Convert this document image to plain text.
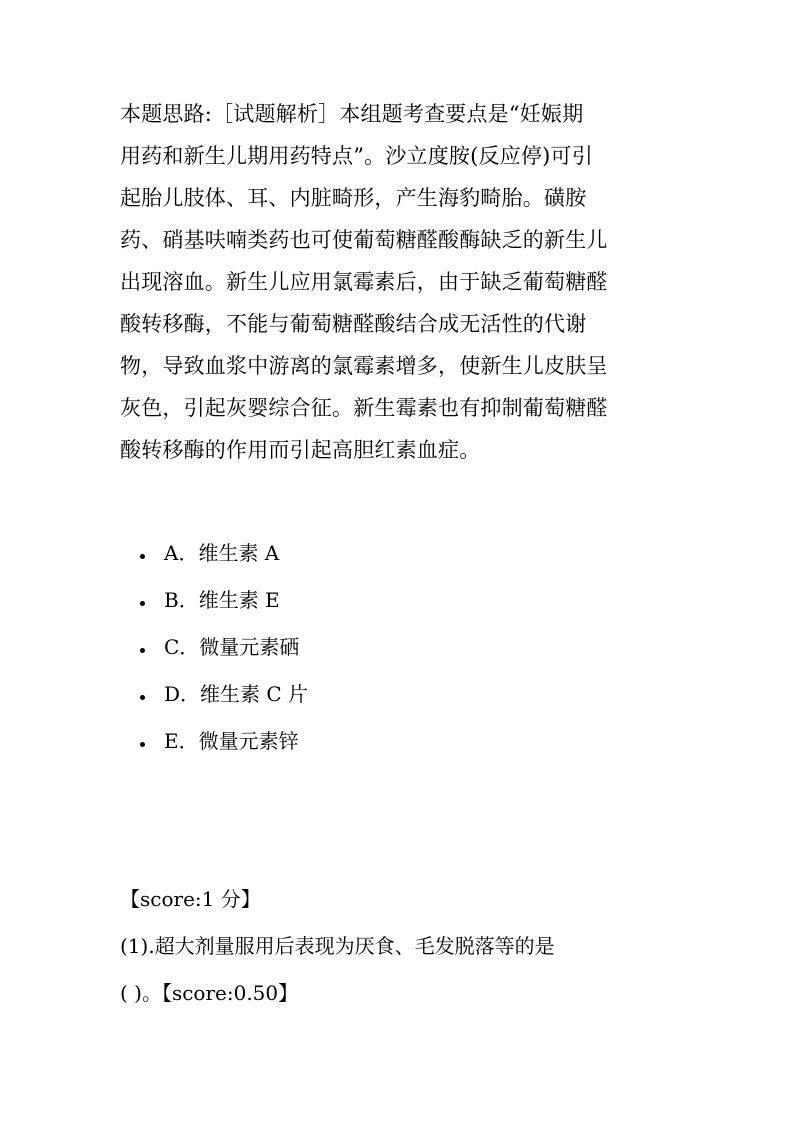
本题思路:［试题解析］本组题考查要点是“妊娠期
用药和新生儿期用药特点”。沙立度胺(反应停)可引
起胎儿肢体、耳、内脏畸形，产生海豹畸胎。磺胺
药、硝基呋喃类药也可使葡萄糖醛酸酶缺乏的新生儿
出现溶血。新生儿应用氯霉素后，由于缺乏葡萄糖醛
酸转移酶，不能与葡萄糖醛酸结合成无活性的代谢
物，导致血浆中游离的氯霉素增多，使新生儿皮肤呈
灰色，引起灰婴综合征。新生霉素也有抑制葡萄糖醛
酸转移酶的作用而引起高胆红素血症。
A．维生素 A
B．维生素 E
C．微量元素硒
D．维生素 C 片
E．微量元素锌
【score:1 分】
(1).超大剂量服用后表现为厌食、毛发脱落等的是
( )。【score:0.50】
